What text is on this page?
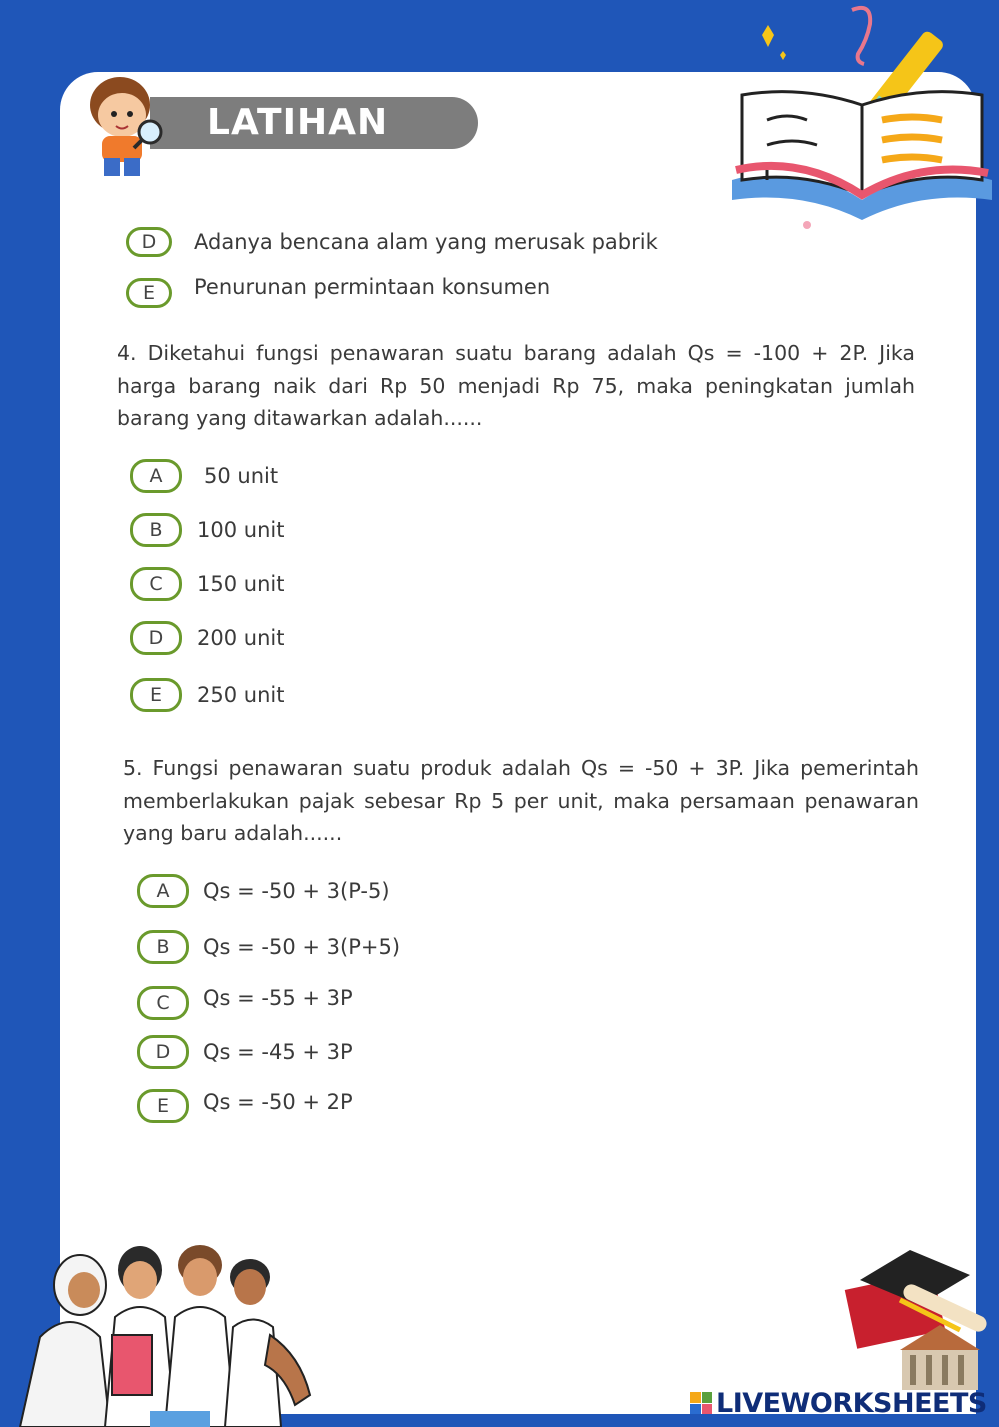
LATIHAN
D	Adanya bencana alam yang merusak pabrik
E	Penurunan permintaan konsumen
4. Diketahui fungsi penawaran suatu barang adalah Qs = -100 + 2P. Jika harga barang naik dari Rp 50 menjadi Rp 75, maka peningkatan jumlah barang yang ditawarkan adalah......
A	50 unit
B	100 unit
C	150 unit
D	200 unit
E	250 unit
5. Fungsi penawaran suatu produk adalah Qs = -50 + 3P. Jika pemerintah memberlakukan pajak sebesar Rp 5 per unit, maka persamaan penawaran yang baru adalah......
A	Qs = -50 + 3(P-5)
B	Qs = -50 + 3(P+5)
C	Qs = -55 + 3P
D	Qs = -45 + 3P
E	Qs = -50 + 2P
LIVEWORKSHEETS
